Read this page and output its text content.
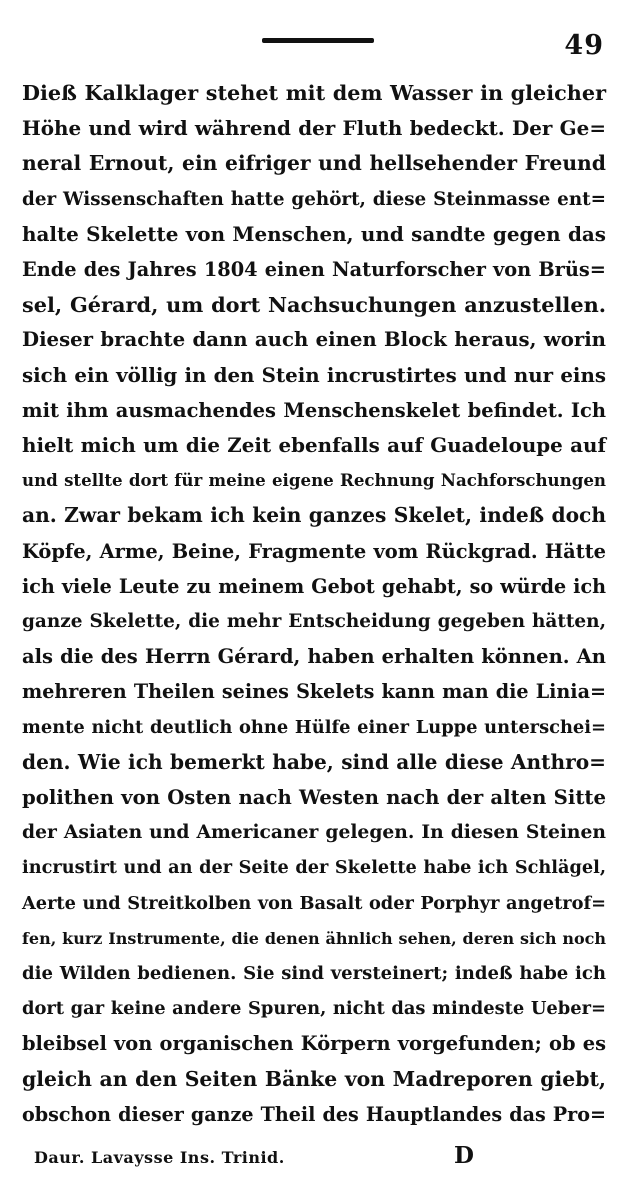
49
Dieß Kalklager stehet mit dem Wasser in gleicher
Höhe und wird während der Fluth bedeckt. Der Ge=
neral Ernout, ein eifriger und hellsehender Freund
der Wissenschaften hatte gehört, diese Steinmasse ent=
halte Skelette von Menschen, und sandte gegen das
Ende des Jahres 1804 einen Naturforscher von Brüs=
sel, Gérard, um dort Nachsuchungen anzustellen.
Dieser brachte dann auch einen Block heraus, worin
sich ein völlig in den Stein incrustirtes und nur eins
mit ihm ausmachendes Menschenskelet befindet. Ich
hielt mich um die Zeit ebenfalls auf Guadeloupe auf
und stellte dort für meine eigene Rechnung Nachforschungen
an. Zwar bekam ich kein ganzes Skelet, indeß doch
Köpfe, Arme, Beine, Fragmente vom Rückgrad. Hätte
ich viele Leute zu meinem Gebot gehabt, so würde ich
ganze Skelette, die mehr Entscheidung gegeben hätten,
als die des Herrn Gérard, haben erhalten können. An
mehreren Theilen seines Skelets kann man die Linia=
mente nicht deutlich ohne Hülfe einer Luppe unterschei=
den. Wie ich bemerkt habe, sind alle diese Anthro=
polithen von Osten nach Westen nach der alten Sitte
der Asiaten und Americaner gelegen. In diesen Steinen
incrustirt und an der Seite der Skelette habe ich Schlägel,
Aerte und Streitkolben von Basalt oder Porphyr angetrof=
fen, kurz Instrumente, die denen ähnlich sehen, deren sich noch
die Wilden bedienen. Sie sind versteinert; indeß habe ich
dort gar keine andere Spuren, nicht das mindeste Ueber=
bleibsel von organischen Körpern vorgefunden; ob es
gleich an den Seiten Bänke von Madreporen giebt,
obschon dieser ganze Theil des Hauptlandes das Pro=
Daur. Lavaysse Ins. Trinid.	D
